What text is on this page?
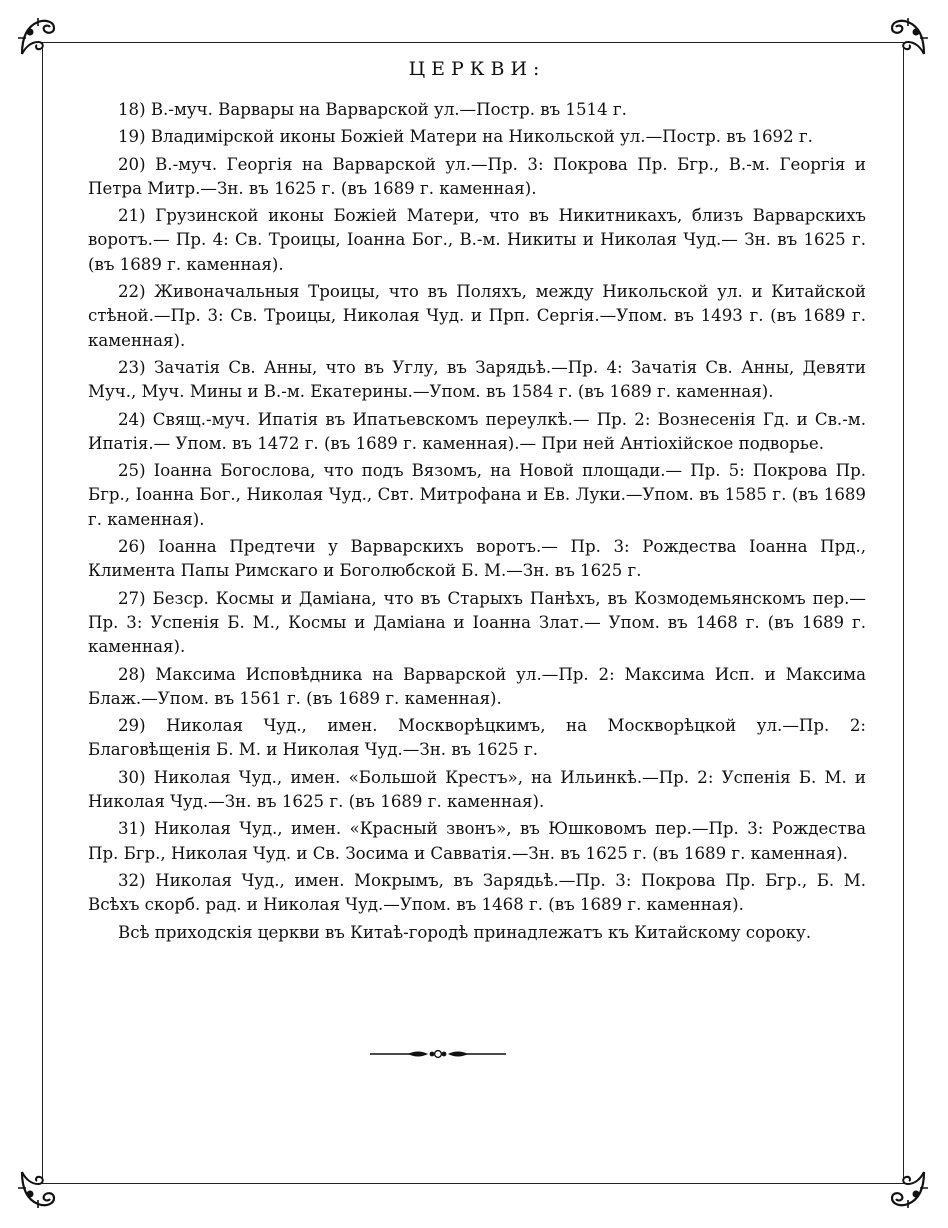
ЦЕРКВИ:

18) В.-муч. Варвары на Варварской ул.—Постр. въ 1514 г.

19) Владимірской иконы Божіей Матери на Никольской ул.—Постр. въ 1692 г.

20) В.-муч. Георгія на Варварской ул.—Пр. 3: Покрова Пр. Бгр., В.-м. Георгія и Петра Митр.—Зн. въ 1625 г. (въ 1689 г. каменная).

21) Грузинской иконы Божіей Матери, что въ Никитникахъ, близъ Варварскихъ воротъ.— Пр. 4: Св. Троицы, Іоанна Бог., В.-м. Никиты и Николая Чуд.— Зн. въ 1625 г. (въ 1689 г. каменная).

22) Живоначальныя Троицы, что въ Поляхъ, между Никольской ул. и Китайской стѣной.—Пр. 3: Св. Троицы, Николая Чуд. и Прп. Сергія.—Упом. въ 1493 г. (въ 1689 г. каменная).

23) Зачатія Св. Анны, что въ Углу, въ Зарядьѣ.—Пр. 4: Зачатія Св. Анны, Девяти Муч., Муч. Мины и В.-м. Екатерины.—Упом. въ 1584 г. (въ 1689 г. каменная).

24) Свящ.-муч. Ипатія въ Ипатьевскомъ переулкѣ.— Пр. 2: Вознесенія Гд. и Св.-м. Ипатія.— Упом. въ 1472 г. (въ 1689 г. каменная).— При ней Антіохійское подворье.

25) Іоанна Богослова, что подъ Вязомъ, на Новой площади.— Пр. 5: Покрова Пр. Бгр., Іоанна Бог., Николая Чуд., Свт. Митрофана и Ев. Луки.—Упом. въ 1585 г. (въ 1689 г. каменная).

26) Іоанна Предтечи у Варварскихъ воротъ.— Пр. 3: Рождества Іоанна Прд., Климента Папы Римскаго и Боголюбской Б. М.—Зн. въ 1625 г.

27) Безср. Космы и Даміана, что въ Старыхъ Панѣхъ, въ Козмодемьянскомъ пер.—Пр. 3: Успенія Б. М., Космы и Даміана и Іоанна Злат.— Упом. въ 1468 г. (въ 1689 г. каменная).

28) Максима Исповѣдника на Варварской ул.—Пр. 2: Максима Исп. и Максима Блаж.—Упом. въ 1561 г. (въ 1689 г. каменная).

29) Николая Чуд., имен. Москворѣцкимъ, на Москворѣцкой ул.—Пр. 2: Благовѣщенія Б. М. и Николая Чуд.—Зн. въ 1625 г.

30) Николая Чуд., имен. «Большой Крестъ», на Ильинкѣ.—Пр. 2: Успенія Б. М. и Николая Чуд.—Зн. въ 1625 г. (въ 1689 г. каменная).

31) Николая Чуд., имен. «Красный звонъ», въ Юшковомъ пер.—Пр. 3: Рождества Пр. Бгр., Николая Чуд. и Св. Зосима и Савватія.—Зн. въ 1625 г. (въ 1689 г. каменная).

32) Николая Чуд., имен. Мокрымъ, въ Зарядьѣ.—Пр. 3: Покрова Пр. Бгр., Б. М. Всѣхъ скорб. рад. и Николая Чуд.—Упом. въ 1468 г. (въ 1689 г. каменная).

Всѣ приходскія церкви въ Китаѣ-городѣ принадлежатъ къ Китайскому сороку.
